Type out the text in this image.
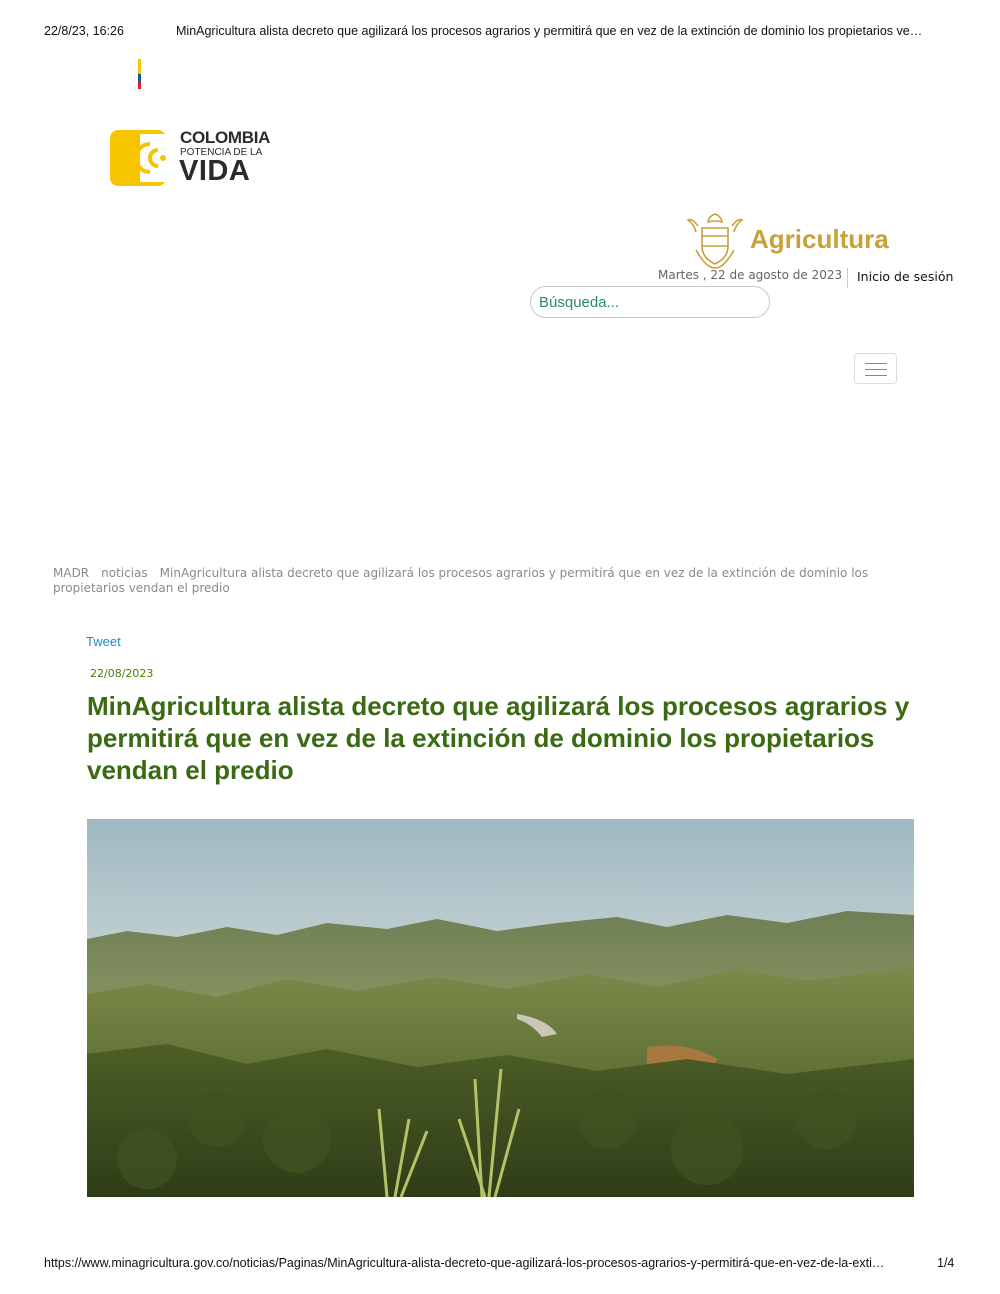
22/8/23, 16:26	MinAgricultura alista decreto que agilizará los procesos agrarios y permitirá que en vez de la extinción de dominio los propietarios ve…
COLOMBIA
POTENCIA DE LA
VIDA
Agricultura
Martes , 22 de agosto de 2023 Inicio de sesión
Búsqueda...
MADR noticias MinAgricultura alista decreto que agilizará los procesos agrarios y permitirá que en vez de la extinción de dominio los propietarios vendan el predio
Tweet
22/08/2023
MinAgricultura alista decreto que agilizará los procesos agrarios y permitirá que en vez de la extinción de dominio los propietarios vendan el predio
https://www.minagricultura.gov.co/noticias/Paginas/MinAgricultura-alista-decreto-que-agilizará-los-procesos-agrarios-y-permitirá-que-en-vez-de-la-exti…	1/4
